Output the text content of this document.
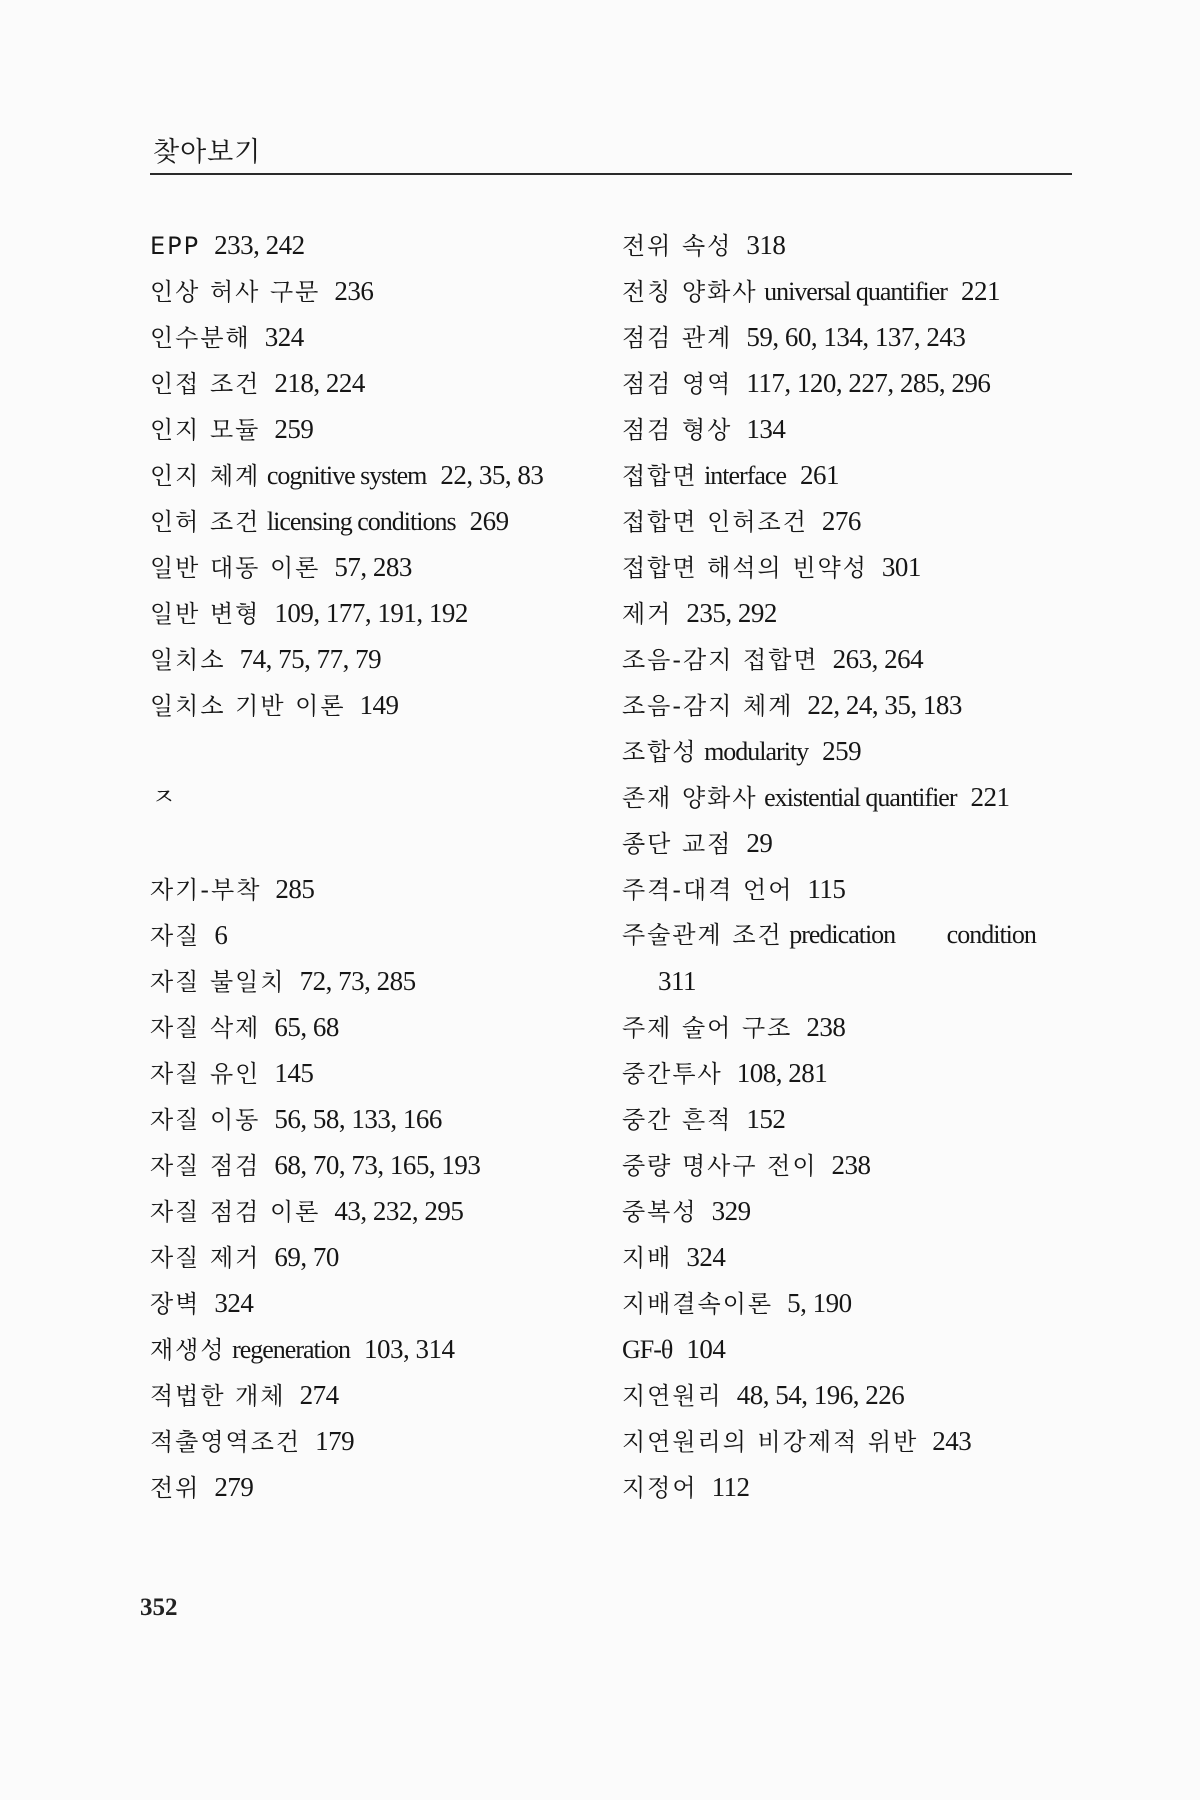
찾아보기
EPP 233, 242
인상 허사 구문 236
인수분해 324
인접 조건 218, 224
인지 모듈 259
인지 체계 cognitive system 22, 35, 83
인허 조건 licensing conditions 269
일반 대동 이론 57, 283
일반 변형 109, 177, 191, 192
일치소 74, 75, 77, 79
일치소 기반 이론 149
ㅈ
자기-부착 285
자질 6
자질 불일치 72, 73, 285
자질 삭제 65, 68
자질 유인 145
자질 이동 56, 58, 133, 166
자질 점검 68, 70, 73, 165, 193
자질 점검 이론 43, 232, 295
자질 제거 69, 70
장벽 324
재생성 regeneration 103, 314
적법한 개체 274
적출영역조건 179
전위 279
전위 속성 318
전칭 양화사 universal quantifier 221
점검 관계 59, 60, 134, 137, 243
점검 영역 117, 120, 227, 285, 296
점검 형상 134
접합면 interface 261
접합면 인허조건 276
접합면 해석의 빈약성 301
제거 235, 292
조음-감지 접합면 263, 264
조음-감지 체계 22, 24, 35, 183
조합성 modularity 259
존재 양화사 existential quantifier 221
종단 교점 29
주격-대격 언어 115
주술관계 조건 predication condition
311
주제 술어 구조 238
중간투사 108, 281
중간 흔적 152
중량 명사구 전이 238
중복성 329
지배 324
지배결속이론 5, 190
GF-θ 104
지연원리 48, 54, 196, 226
지연원리의 비강제적 위반 243
지정어 112
352
